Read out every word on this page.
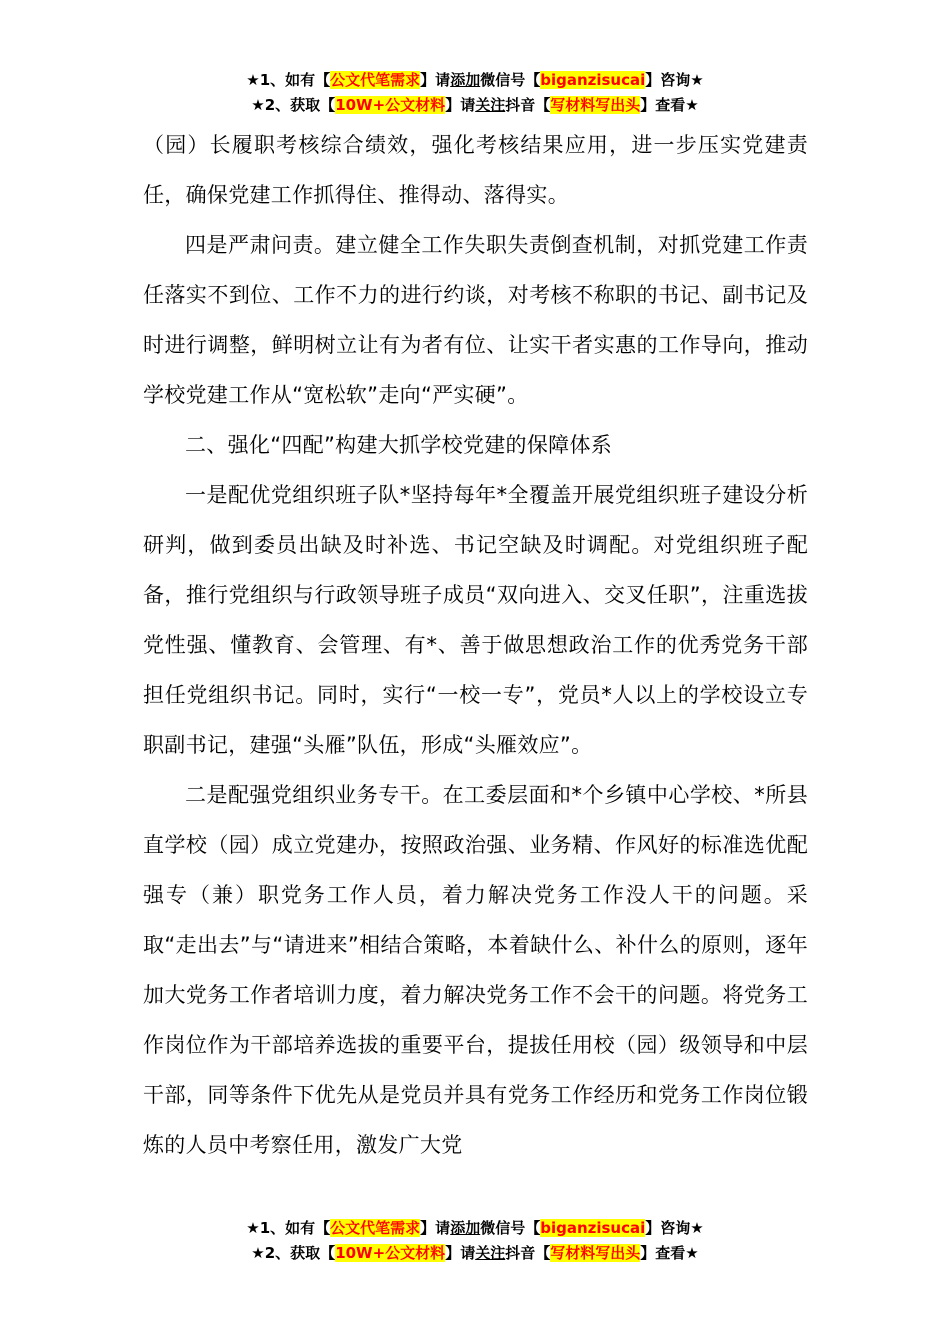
★1、如有【公文代笔需求】请添加微信号【biganzisucai】咨询★
★2、获取【10W+公文材料】请关注抖音【写材料写出头】查看★

（园）长履职考核综合绩效，强化考核结果应用，进一步压实党建责任，确保党建工作抓得住、推得动、落得实。

四是严肃问责。建立健全工作失职失责倒查机制，对抓党建工作责任落实不到位、工作不力的进行约谈，对考核不称职的书记、副书记及时进行调整，鲜明树立让有为者有位、让实干者实惠的工作导向，推动学校党建工作从“宽松软”走向“严实硬”。

二、强化“四配”构建大抓学校党建的保障体系

一是配优党组织班子队*坚持每年*全覆盖开展党组织班子建设分析研判，做到委员出缺及时补选、书记空缺及时调配。对党组织班子配备，推行党组织与行政领导班子成员“双向进入、交叉任职”，注重选拔党性强、懂教育、会管理、有*、善于做思想政治工作的优秀党务干部担任党组织书记。同时，实行“一校一专”，党员*人以上的学校设立专职副书记，建强“头雁”队伍，形成“头雁效应”。

二是配强党组织业务专干。在工委层面和*个乡镇中心学校、*所县直学校（园）成立党建办，按照政治强、业务精、作风好的标准选优配强专（兼）职党务工作人员，着力解决党务工作没人干的问题。采取“走出去”与“请进来”相结合策略，本着缺什么、补什么的原则，逐年加大党务工作者培训力度，着力解决党务工作不会干的问题。将党务工作岗位作为干部培养选拔的重要平台，提拔任用校（园）级领导和中层干部，同等条件下优先从是党员并具有党务工作经历和党务工作岗位锻炼的人员中考察任用，激发广大党

★1、如有【公文代笔需求】请添加微信号【biganzisucai】咨询★
★2、获取【10W+公文材料】请关注抖音【写材料写出头】查看★
